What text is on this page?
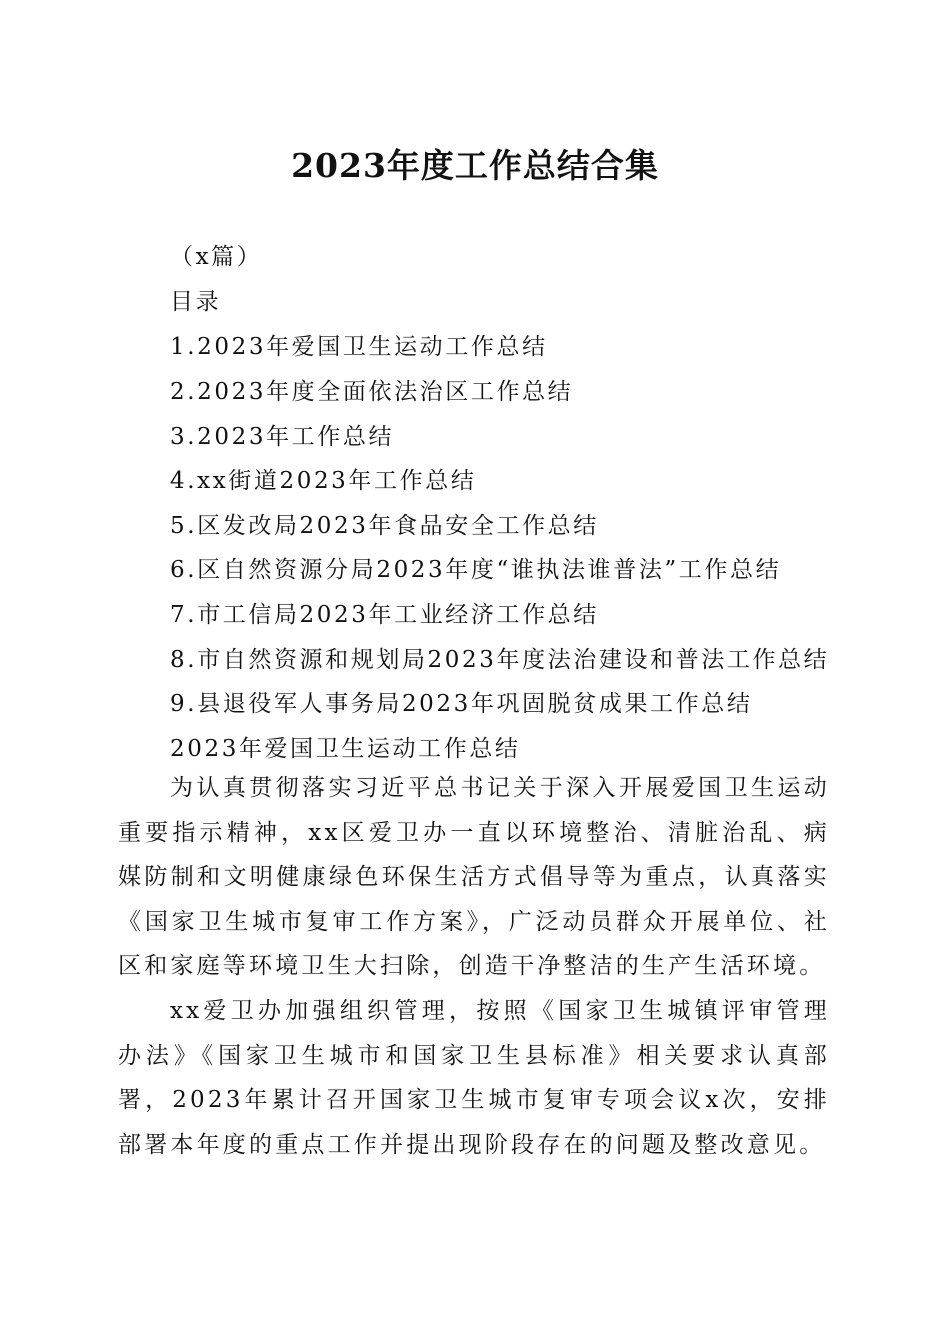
2023年度工作总结合集

（x篇）

目录

1.2023年爱国卫生运动工作总结

2.2023年度全面依法治区工作总结

3.2023年工作总结

4.xx街道2023年工作总结

5.区发改局2023年食品安全工作总结

6.区自然资源分局2023年度“谁执法谁普法”工作总结

7.市工信局2023年工业经济工作总结

8.市自然资源和规划局2023年度法治建设和普法工作总结

9.县退役军人事务局2023年巩固脱贫成果工作总结

2023年爱国卫生运动工作总结

为认真贯彻落实习近平总书记关于深入开展爱国卫生运动重要指示精神，xx区爱卫办一直以环境整治、清脏治乱、病媒防制和文明健康绿色环保生活方式倡导等为重点，认真落实《国家卫生城市复审工作方案》，广泛动员群众开展单位、社区和家庭等环境卫生大扫除，创造干净整洁的生产生活环境。

xx爱卫办加强组织管理，按照《国家卫生城镇评审管理办法》《国家卫生城市和国家卫生县标准》相关要求认真部署，2023年累计召开国家卫生城市复审专项会议x次，安排部署本年度的重点工作并提出现阶段存在的问题及整改意见。
